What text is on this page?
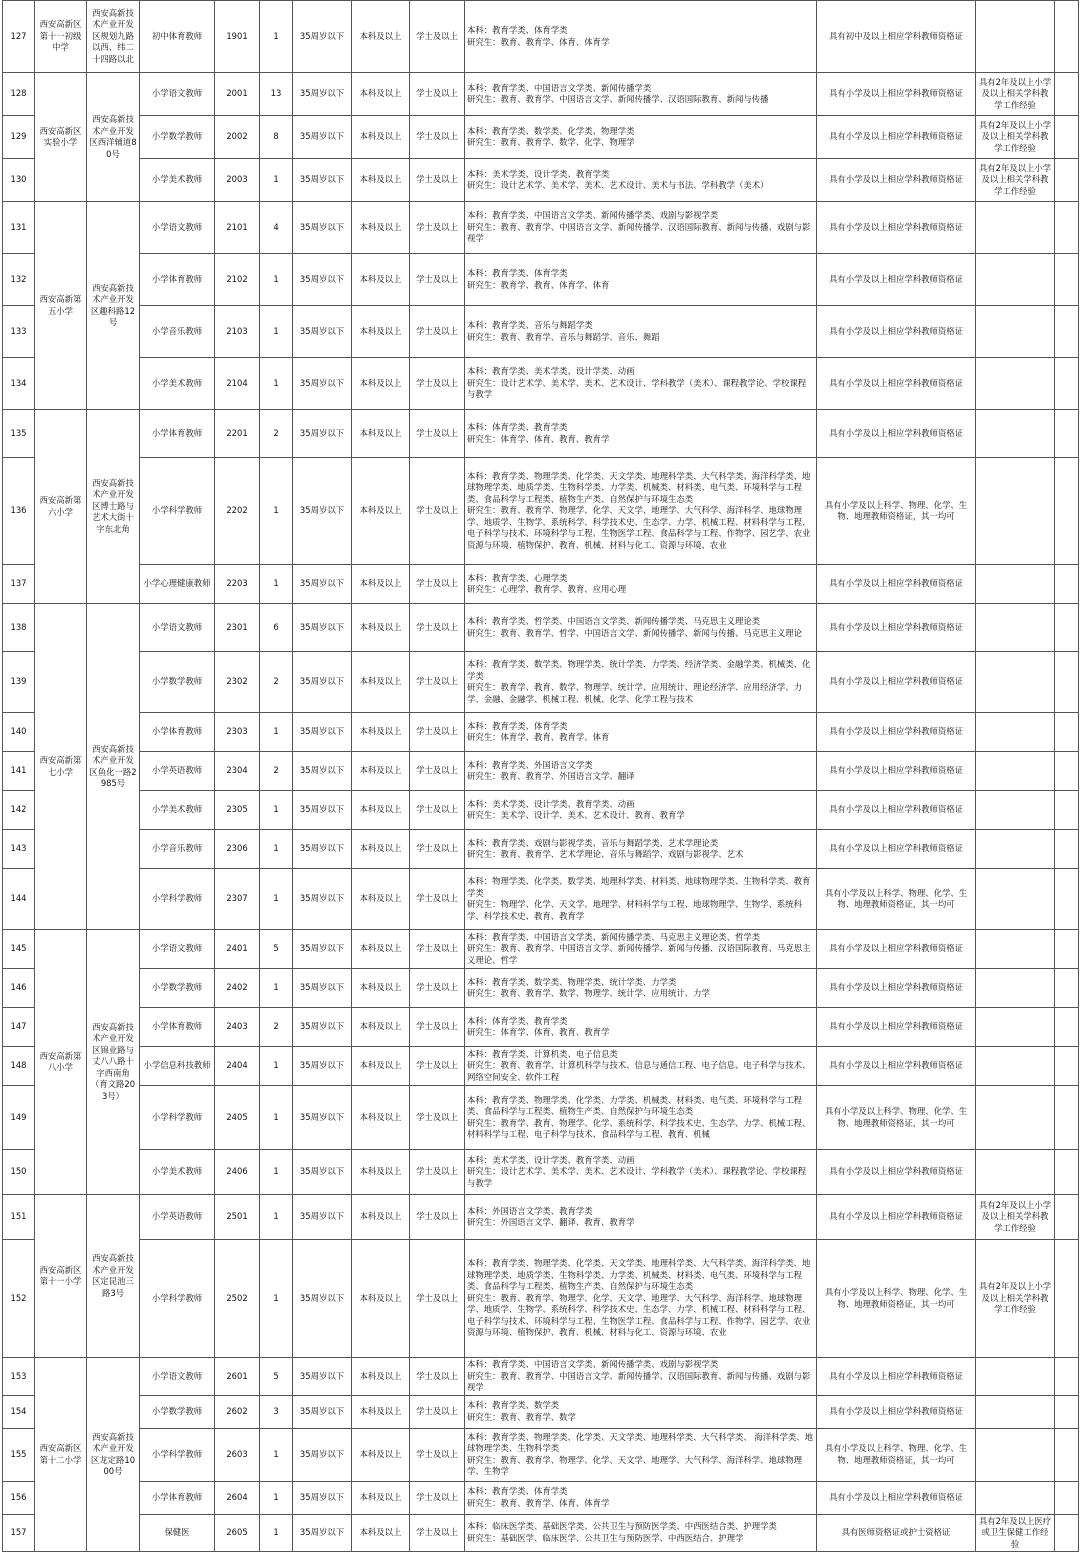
127	西安高新区第十一初级中学	西安高新技术产业开发区规划九路以西、纬二十四路以北	初中体育教师	1901	1	35周岁以下	本科及以上	学士及以上	本科：教育学类、体育学类
研究生：教育、教育学、体育、体育学	具有初中及以上相应学科教师资格证			
128	西安高新区实验小学	西安高新技术产业开发区西洋辅道80号	小学语文教师	2001	13	35周岁以下	本科及以上	学士及以上	本科：教育学类、中国语言文学类、新闻传播学类
研究生：教育、教育学、中国语言文学、新闻传播学、汉语国际教育、新闻与传播	具有小学及以上相应学科教师资格证	具有2年及以上小学及以上相关学科教学工作经验		
129			小学数学教师	2002	8	35周岁以下	本科及以上	学士及以上	本科：教育学类、数学类、化学类、物理学类
研究生：教育、教育学、数学、化学、物理学	具有小学及以上相应学科教师资格证	具有2年及以上小学及以上相关学科教学工作经验		
130			小学美术教师	2003	1	35周岁以下	本科及以上	学士及以上	本科：美术学类、设计学类、教育学类
研究生：设计艺术学、美术学、美术、艺术设计、美术与书法、学科教学（美术）	具有小学及以上相应学科教师资格证	具有2年及以上小学及以上相关学科教学工作经验		
131	西安高新第五小学	西安高新技术产业开发区趣科路12号	小学语文教师	2101	4	35周岁以下	本科及以上	学士及以上	本科：教育学类、中国语言文学类、新闻传播学类、戏剧与影视学类
研究生：教育、教育学、中国语言文学、新闻传播学、汉语国际教育、新闻与传播、戏剧与影视学	具有小学及以上相应学科教师资格证			
132			小学体育教师	2102	1	35周岁以下	本科及以上	学士及以上	本科：教育学类、体育学类
研究生：教育学、教育、体育学、体育	具有小学及以上相应学科教师资格证			
133			小学音乐教师	2103	1	35周岁以下	本科及以上	学士及以上	本科：教育学类、音乐与舞蹈学类
研究生：教育、教育学、音乐与舞蹈学、音乐、舞蹈	具有小学及以上相应学科教师资格证			
134			小学美术教师	2104	1	35周岁以下	本科及以上	学士及以上	本科：教育学类、美术学类、设计学类、动画
研究生：设计艺术学、美术学、美术、艺术设计、学科教学（美术）、课程教学论、学校课程与教学	具有小学及以上相应学科教师资格证			
135	西安高新第六小学	西安高新技术产业开发区博士路与艺术大街十字东北角	小学体育教师	2201	2	35周岁以下	本科及以上	学士及以上	本科：体育学类、教育学类
研究生：体育学、体育、教育、教育学	具有小学及以上相应学科教师资格证			
136			小学科学教师	2202	1	35周岁以下	本科及以上	学士及以上	本科：教育学类、物理学类、化学类、天文学类、地理科学类、大气科学类、海洋科学类、地球物理学类、地质学类、生物科学类、力学类、机械类、材料类、电气类、环境科学与工程类、食品科学与工程类、植物生产类、自然保护与环境生态类
研究生：教育、教育学、物理学、化学、天文学、地理学、大气科学、海洋科学、地球物理学、地质学、生物学、系统科学、科学技术史、生态学、力学、机械工程、材料科学与工程、电子科学与技术、环境科学与工程、生物医学工程、食品科学与工程、作物学、园艺学、农业资源与环境、植物保护、教育、机械、材料与化工、资源与环境、农业	具有小学及以上科学、物理、化学、生物、地理教师资格证，其一均可			
137			小学心理健康教师	2203	1	35周岁以下	本科及以上	学士及以上	本科：教育学类、心理学类
研究生：心理学、教育学、教育、应用心理	具有小学及以上相应学科教师资格证			
138	西安高新第七小学	西安高新技术产业开发区鱼化一路2985号	小学语文教师	2301	6	35周岁以下	本科及以上	学士及以上	本科：教育学类、哲学类、中国语言文学类、新闻传播学类、马克思主义理论类
研究生：教育、教育学、哲学、中国语言文学、新闻传播学、新闻与传播、马克思主义理论	具有小学及以上相应学科教师资格证			
139			小学数学教师	2302	2	35周岁以下	本科及以上	学士及以上	本科：教育学类、数学类、物理学类、统计学类、力学类、经济学类、金融学类、机械类、化学类
研究生：教育学、教育、数学、物理学、统计学、应用统计、理论经济学、应用经济学、力学、金融、金融学、机械工程、机械、化学、化学工程与技术	具有小学及以上相应学科教师资格证			
140			小学体育教师	2303	1	35周岁以下	本科及以上	学士及以上	本科：教育学类、体育学类
研究生：体育学、教育、教育学、体育	具有小学及以上相应学科教师资格证			
141			小学英语教师	2304	2	35周岁以下	本科及以上	学士及以上	本科：教育学类、外国语言文学类
研究生：教育、教育学、外国语言文学、翻译	具有小学及以上相应学科教师资格证			
142			小学美术教师	2305	1	35周岁以下	本科及以上	学士及以上	本科：美术学类、设计学类、教育学类、动画
研究生：美术学、设计学、美术、艺术设计、教育、教育学	具有小学及以上相应学科教师资格证			
143			小学音乐教师	2306	1	35周岁以下	本科及以上	学士及以上	本科：教育学类、戏剧与影视学类、音乐与舞蹈学类、艺术学理论类
研究生：教育、教育学、艺术学理论、音乐与舞蹈学、戏剧与影视学、艺术	具有小学及以上相应学科教师资格证			
144			小学科学教师	2307	1	35周岁以下	本科及以上	学士及以上	本科：物理学类、化学类、数学类、地理科学类、材料类、地球物理学类、生物科学类、教育学类
研究生：物理学、化学、天文学、地理学、材料科学与工程、地球物理学、生物学、系统科学、科学技术史、教育、教育学	具有小学及以上科学、物理、化学、生物、地理教师资格证，其一均可			
145	西安高新第八小学	西安高新技术产业开发区锦业路与丈八八路十字西南角（育文路203号）	小学语文教师	2401	5	35周岁以下	本科及以上	学士及以上	本科：教育学类、中国语言文学类、新闻传播学类、马克思主义理论类、哲学类
研究生：教育、教育学、中国语言文学、新闻传播学、新闻与传播、汉语国际教育、马克思主义理论、哲学	具有小学及以上相应学科教师资格证			
146			小学数学教师	2402	1	35周岁以下	本科及以上	学士及以上	本科：教育学类、数学类、物理学类、统计学类、力学类
研究生：教育、教育学、数学、物理学、统计学、应用统计、力学	具有小学及以上相应学科教师资格证			
147			小学体育教师	2403	2	35周岁以下	本科及以上	学士及以上	本科：体育学类、教育学类
研究生：体育学、体育、教育、教育学	具有小学及以上相应学科教师资格证			
148			小学信息科技教师	2404	1	35周岁以下	本科及以上	学士及以上	本科：教育学类、计算机类、电子信息类
研究生：教育、教育学、计算机科学与技术、信息与通信工程、电子信息、电子科学与技术、网络空间安全、软件工程	具有小学及以上相应学科教师资格证			
149			小学科学教师	2405	1	35周岁以下	本科及以上	学士及以上	本科：教育学类、物理学类、化学类、力学类、机械类、材料类、电气类、环境科学与工程类、食品科学与工程类、植物生产类、自然保护与环境生态类
研究生：教育学、教育、物理学、化学、系统科学、科学技术史、生态学、力学、机械工程、材料科学与工程、电子科学与技术、食品科学与工程、教育、机械	具有小学及以上科学、物理、化学、生物、地理教师资格证，其一均可			
150			小学美术教师	2406	1	35周岁以下	本科及以上	学士及以上	本科：美术学类、设计学类、教育学类、动画
研究生：设计艺术学、美术学、美术、艺术设计、学科教学（美术）、课程教学论、学校课程与教学	具有小学及以上相应学科教师资格证			
151	西安高新区第十一小学	西安高新技术产业开发区定昆池三路3号	小学英语教师	2501	1	35周岁以下	本科及以上	学士及以上	本科：外国语言文学类、教育学类
研究生：外国语言文学、翻译、教育、教育学	具有小学及以上相应学科教师资格证	具有2年及以上小学及以上相关学科教学工作经验		
152			小学科学教师	2502	1	35周岁以下	本科及以上	学士及以上	本科：教育学类、物理学类、化学类、天文学类、地理科学类、大气科学类、海洋科学类、地球物理学类、地质学类、生物科学类、力学类、机械类、材料类、电气类、环境科学与工程类、食品科学与工程类、植物生产类、自然保护与环境生态类
研究生：教育、教育学、物理学、化学、天文学、地理学、大气科学、海洋科学、地球物理学、地质学、生物学、系统科学、科学技术史、生态学、力学、机械工程、材料科学与工程、电子科学与技术、环境科学与工程、生物医学工程、食品科学与工程、作物学、园艺学、农业资源与环境、植物保护、教育、机械、材料与化工、资源与环境、农业	具有小学及以上科学、物理、化学、生物、地理教师资格证，其一均可	具有2年及以上小学及以上相关学科教学工作经验		
153	西安高新区第十二小学	西安高新技术产业开发区龙定路1000号	小学语文教师	2601	5	35周岁以下	本科及以上	学士及以上	本科：教育学类、中国语言文学类、新闻传播学类、戏剧与影视学类
研究生：教育、教育学、中国语言文学、新闻传播学、汉语国际教育、新闻与传播、戏剧与影视学	具有小学及以上相应学科教师资格证			
154			小学数学教师	2602	3	35周岁以下	本科及以上	学士及以上	本科：教育学类、数学类
研究生：教育、教育学、数学	具有小学及以上相应学科教师资格证			
155			小学科学教师	2603	1	35周岁以下	本科及以上	学士及以上	本科：教育学类、物理学类、化学类、天文学类、地理科学类、大气科学类、 海洋科学类、地球物理学类、生物科学类
研究生：教育、教育学、物理学、化学、天文学、地理学、大气科学、海洋科学、地球物理学、生物学	具有小学及以上科学、物理、化学、生物、地理教师资格证，其一均可			
156			小学体育教师	2604	1	35周岁以下	本科及以上	学士及以上	本科：教育学类、体育学类
研究生：教育、教育学、体育、体育学	具有小学及以上相应学科教师资格证			
157			保健医	2605	1	35周岁以下	本科及以上	学士及以上	本科：临床医学类、基础医学类、公共卫生与预防医学类、中西医结合类、护理学类
研究生：基础医学、临床医学、公共卫生与预防医学、中西医结合、护理学	具有医师资格证或护士资格证	具有2年及以上医疗或卫生保健工作经验		
